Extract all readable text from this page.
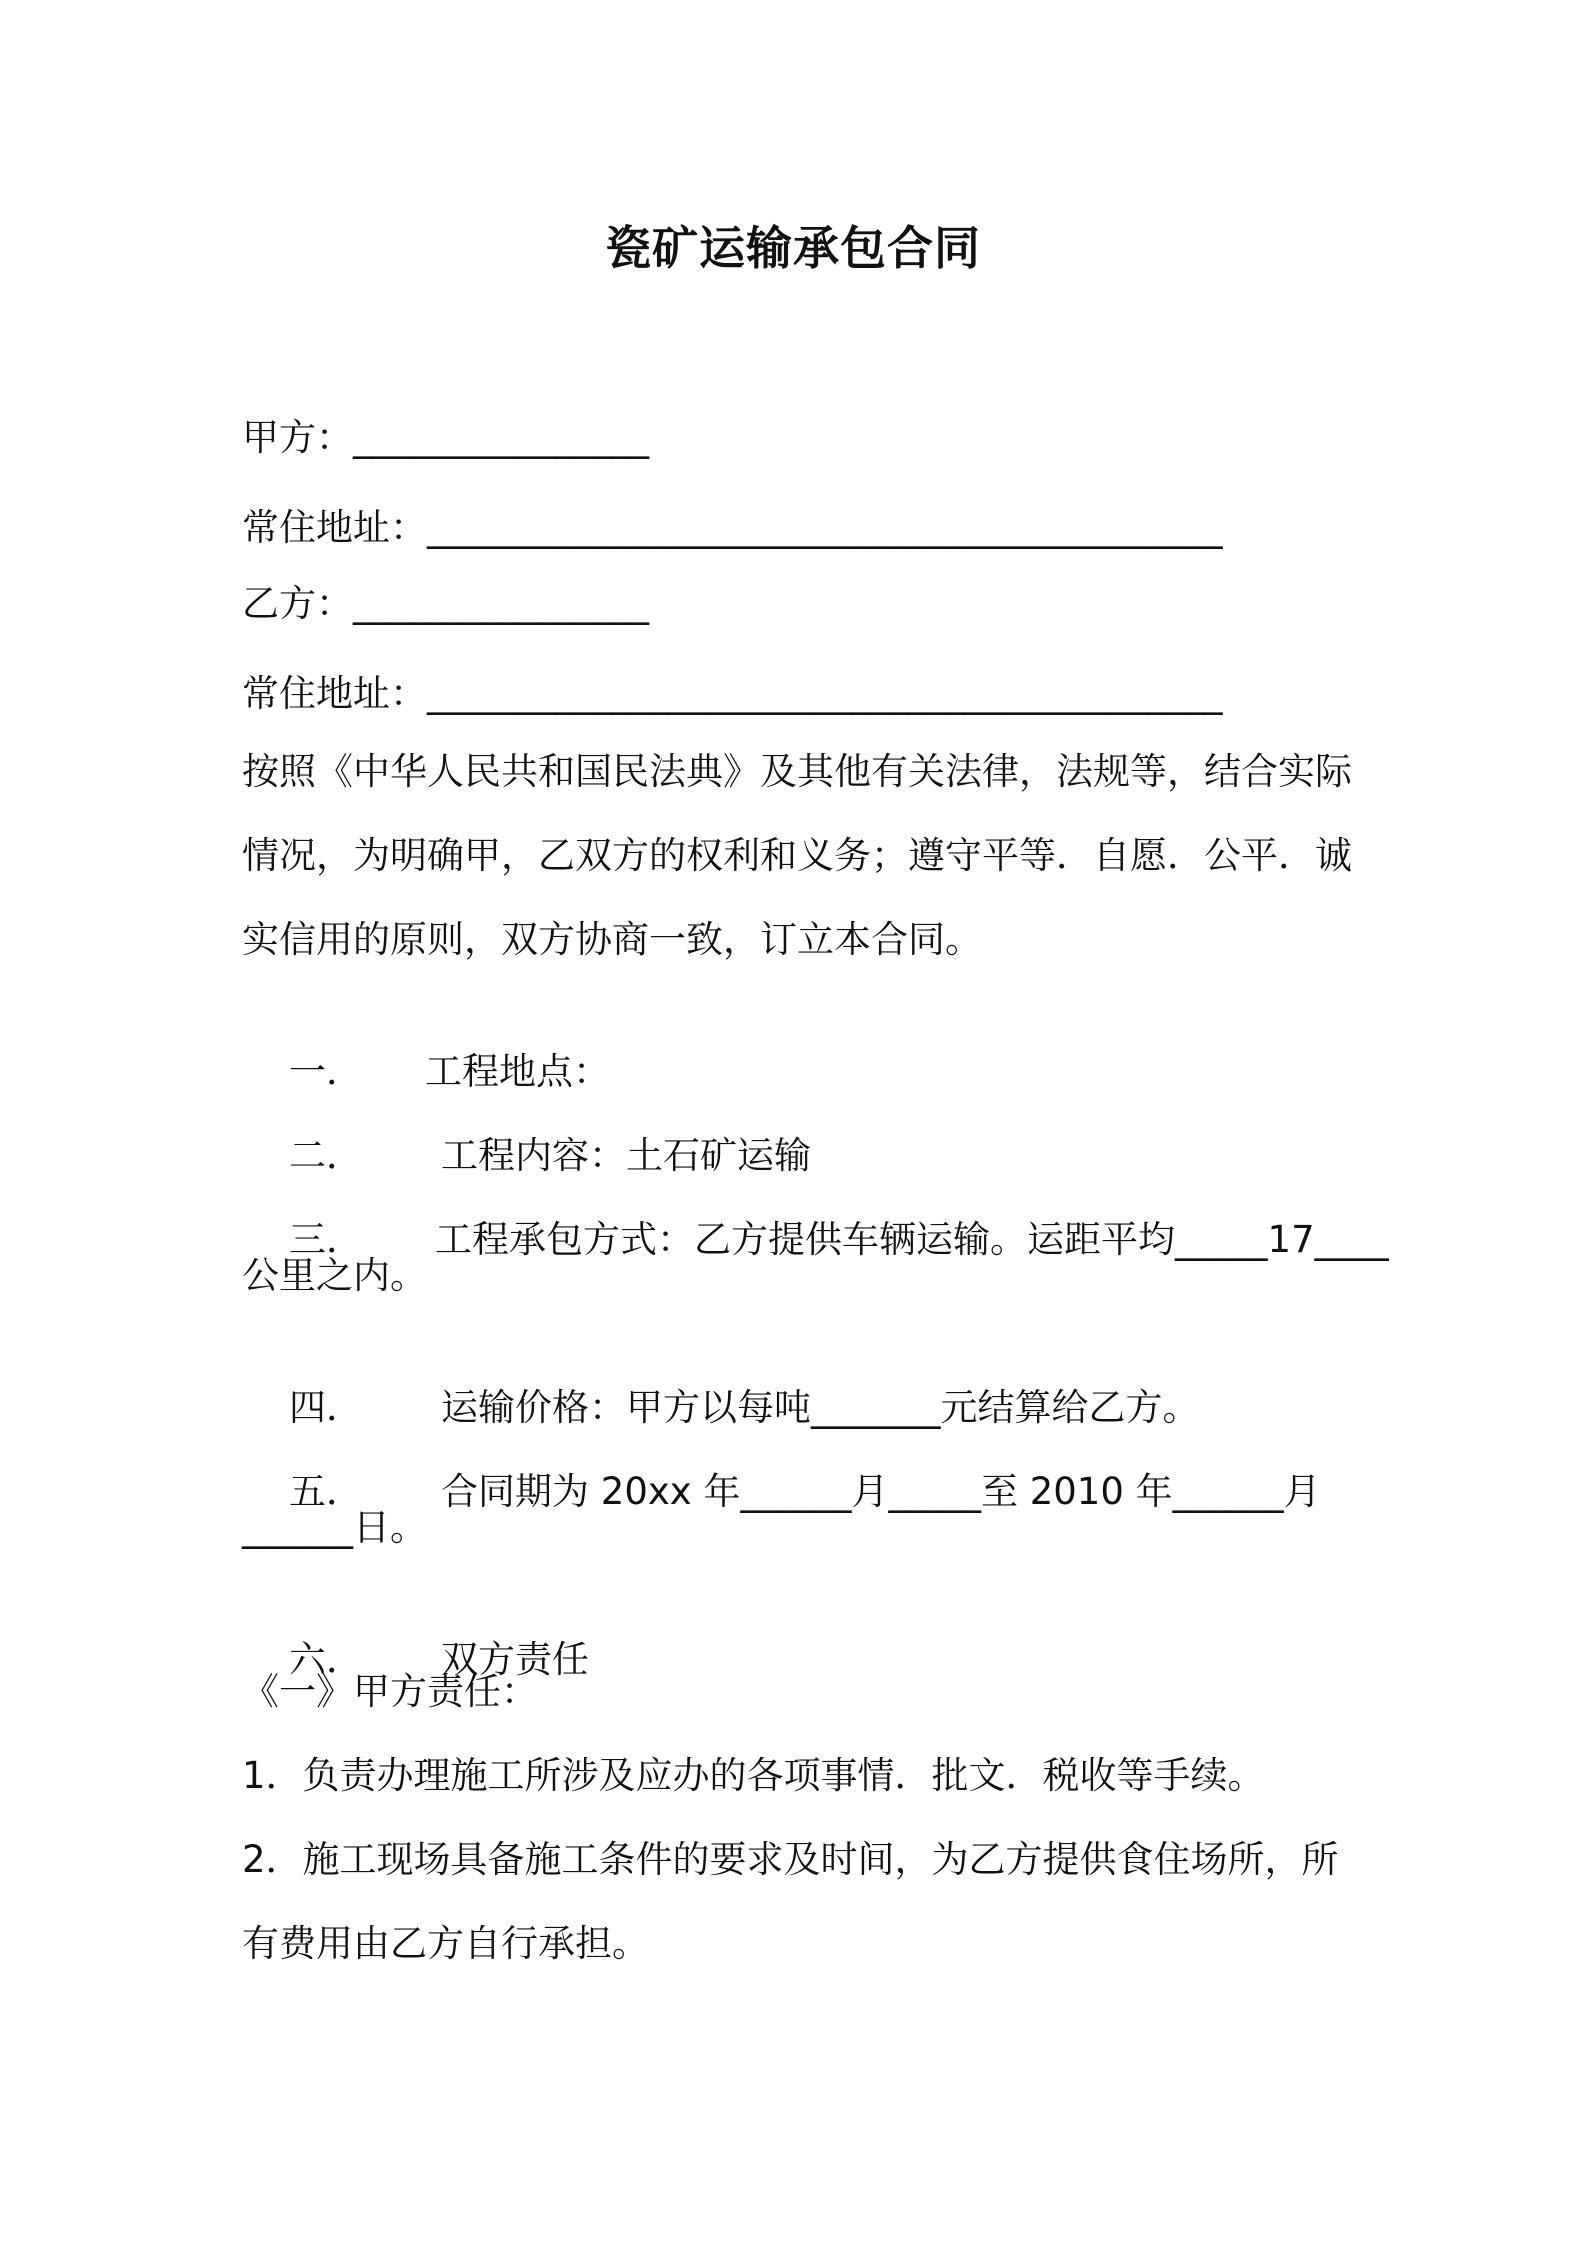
瓷矿运输承包合同
甲方：________________
常住地址：___________________________________________
乙方：________________
常住地址：___________________________________________
按照《中华人民共和国民法典》及其他有关法律，法规等，结合实际
情况，为明确甲，乙双方的权利和义务；遵守平等．自愿．公平．诚
实信用的原则，双方协商一致，订立本合同。

一． 工程地点：

二． 工程内容：土石矿运输

三． 工程承包方式：乙方提供车辆运输。运距平均_____17____

公里之内。

四． 运输价格：甲方以每吨_______元结算给乙方。

五． 合同期为 20xx 年______月_____至 2010 年______月

______日。

六． 双方责任

《一》甲方责任：
1．负责办理施工所涉及应办的各项事情．批文．税收等手续。
2．施工现场具备施工条件的要求及时间，为乙方提供食住场所，所
有费用由乙方自行承担。
